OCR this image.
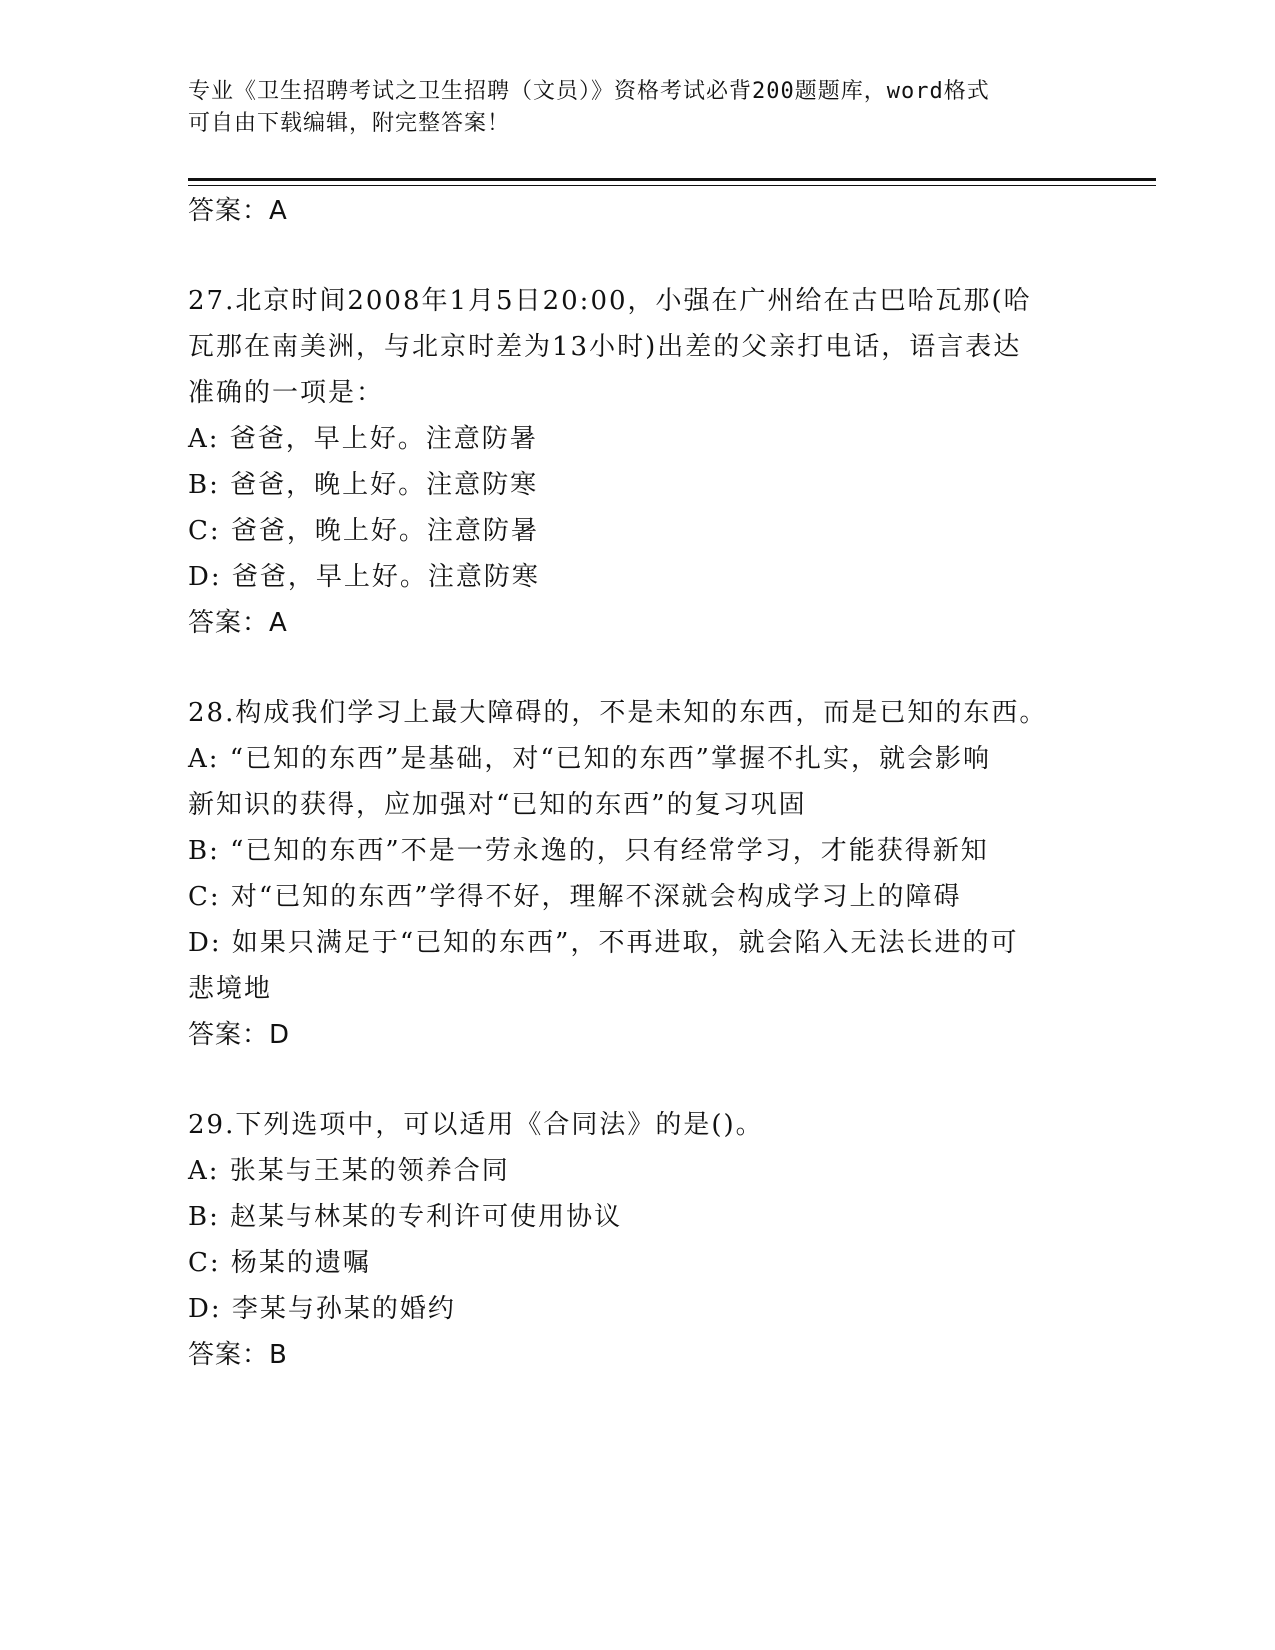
专业《卫生招聘考试之卫生招聘（文员）》资格考试必背200题题库，word格式
可自由下载编辑，附完整答案！
答案：A
27.北京时间2008年1月5日20:00，小强在广州给在古巴哈瓦那(哈
瓦那在南美洲，与北京时差为13小时)出差的父亲打电话，语言表达
准确的一项是：
A: 爸爸，早上好。注意防暑
B: 爸爸，晚上好。注意防寒
C: 爸爸，晚上好。注意防暑
D: 爸爸，早上好。注意防寒
答案：A
28.构成我们学习上最大障碍的，不是未知的东西，而是已知的东西。
A: “已知的东西”是基础，对“已知的东西”掌握不扎实，就会影响
新知识的获得，应加强对“已知的东西”的复习巩固
B: “已知的东西”不是一劳永逸的，只有经常学习，才能获得新知
C: 对“已知的东西”学得不好，理解不深就会构成学习上的障碍
D: 如果只满足于“已知的东西”，不再进取，就会陷入无法长进的可
悲境地
答案：D
29.下列选项中，可以适用《合同法》的是()。
A: 张某与王某的领养合同
B: 赵某与林某的专利许可使用协议
C: 杨某的遗嘱
D: 李某与孙某的婚约
答案：B
